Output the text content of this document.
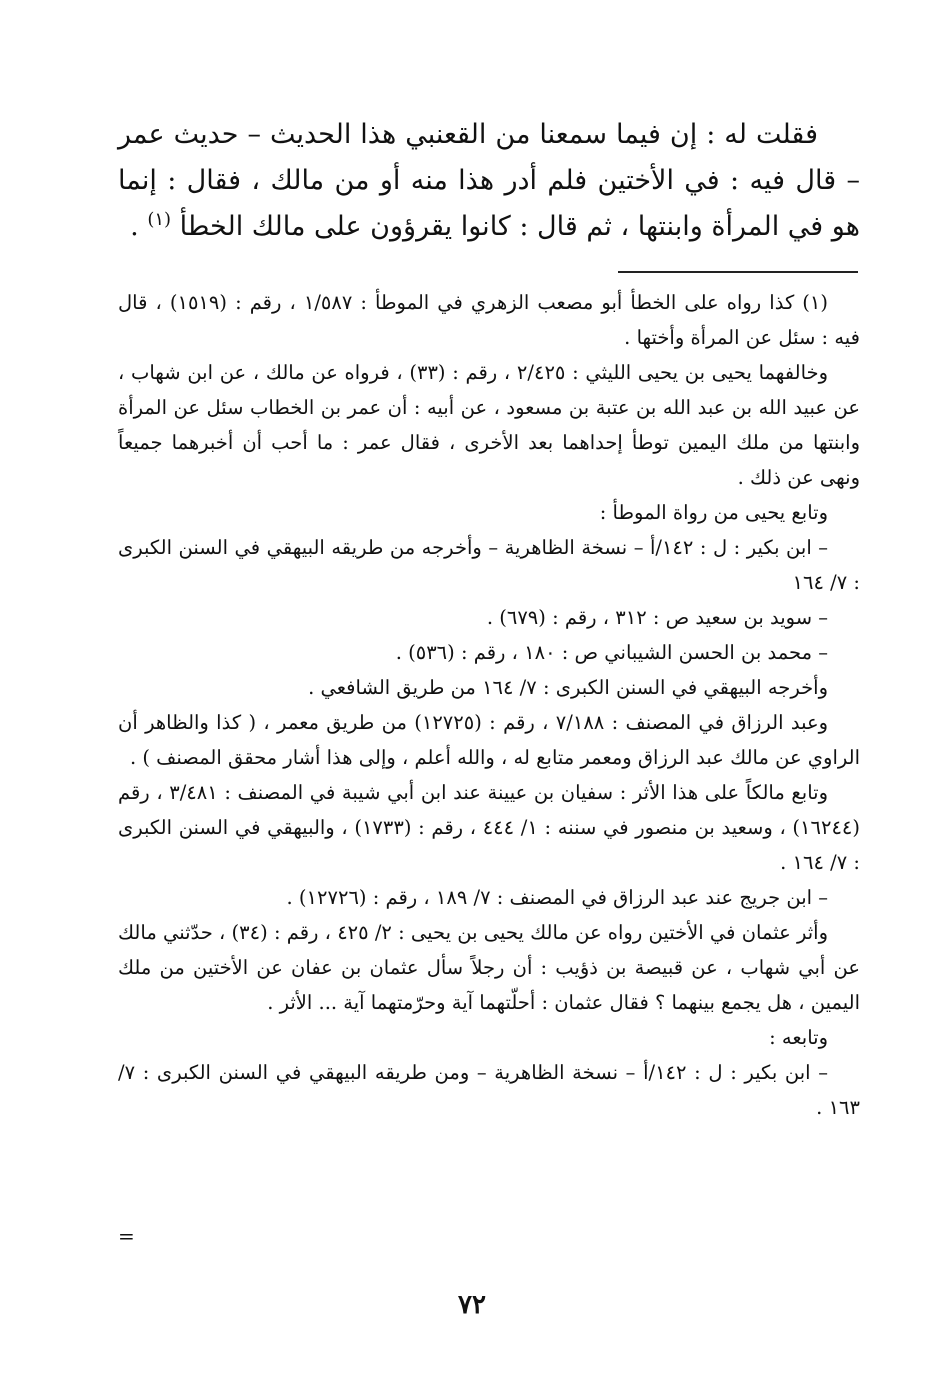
فقلت له : إن فيما سمعنا من القعنبي هذا الحديث – حديث عمر – قال فيه : في الأختين فلم أدر هذا منه أو من مالك ، فقال : إنما هو في المرأة وابنتها ، ثم قال : كانوا يقرؤون على مالك الخطأ $^{(١)}$ .

(١) كذا رواه على الخطأ أبو مصعب الزهري في الموطأ : ١/٥٨٧ ، رقم : (١٥١٩) ، قال فيه : سئل عن المرأة وأختها .

وخالفهما يحيى بن يحيى الليثي : ٢/٤٢٥ ، رقم : (٣٣) ، فرواه عن مالك ، عن ابن شهاب ، عن عبيد الله بن عبد الله بن عتبة بن مسعود ، عن أبيه : أن عمر بن الخطاب سئل عن المرأة وابنتها من ملك اليمين توطأ إحداهما بعد الأخرى ، فقال عمر : ما أحب أن أخبرهما جميعاً ونهى عن ذلك .

وتابع يحيى من رواة الموطأ :

– ابن بكير : ل : ١٤٢/أ – نسخة الظاهرية – وأخرجه من طريقه البيهقي في السنن الكبرى : ٧/ ١٦٤

– سويد بن سعيد ص : ٣١٢ ، رقم : (٦٧٩) .

– محمد بن الحسن الشيباني ص : ١٨٠ ، رقم : (٥٣٦) .

وأخرجه البيهقي في السنن الكبرى : ٧/ ١٦٤ من طريق الشافعي .

وعبد الرزاق في المصنف : ٧/١٨٨ ، رقم : (١٢٧٢٥) من طريق معمر ، ( كذا والظاهر أن الراوي عن مالك عبد الرزاق ومعمر متابع له ، والله أعلم ، وإلى هذا أشار محقق المصنف ) .

وتابع مالكاً على هذا الأثر : سفيان بن عيينة عند ابن أبي شيبة في المصنف : ٣/٤٨١ ، رقم (١٦٢٤٤) ، وسعيد بن منصور في سننه : ١/ ٤٤٤ ، رقم : (١٧٣٣) ، والبيهقي في السنن الكبرى : ٧/ ١٦٤ .

– ابن جريج عند عبد الرزاق في المصنف : ٧/ ١٨٩ ، رقم : (١٢٧٢٦) .

وأثر عثمان في الأختين رواه عن مالك يحيى بن يحيى : ٢/ ٤٢٥ ، رقم : (٣٤) ، حدّثني مالك عن أبي شهاب ، عن قبيصة بن ذؤيب : أن رجلاً سأل عثمان بن عفان عن الأختين من ملك اليمين ، هل يجمع بينهما ؟ فقال عثمان : أحلّتهما آية وحرّمتهما آية ... الأثر .

وتابعه :

– ابن بكير : ل : ١٤٢/أ – نسخة الظاهرية – ومن طريقه البيهقي في السنن الكبرى : ٧/ ١٦٣ .

=
٧٢
